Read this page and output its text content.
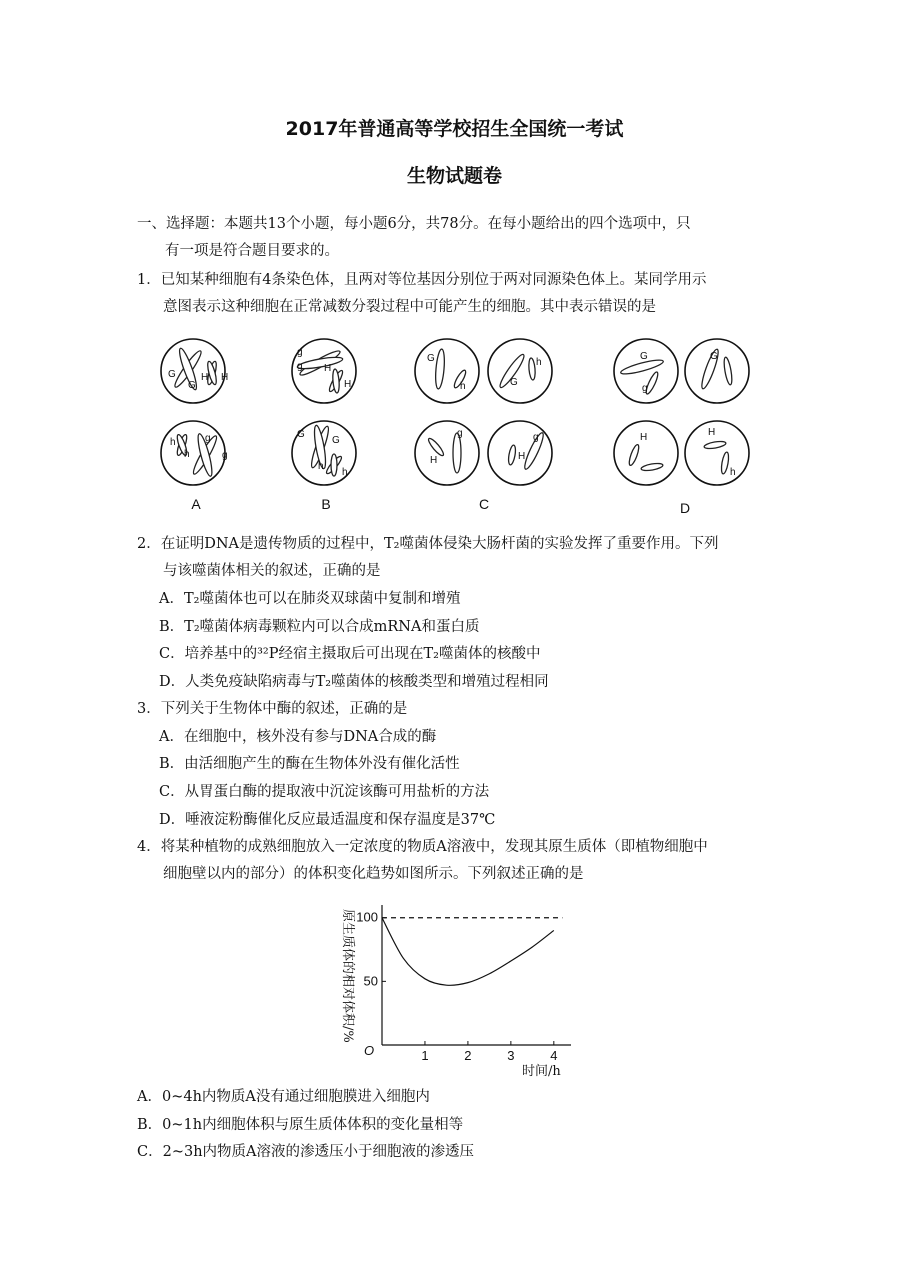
2017年普通高等学校招生全国统一考试
生物试题卷
一、选择题：本题共13个小题，每小题6分，共78分。在每小题给出的四个选项中，只
有一项是符合题目要求的。
1．已知某种细胞有4条染色体，且两对等位基因分别位于两对同源染色体上。某同学用示
意图表示这种细胞在正常减数分裂过程中可能产生的细胞。其中表示错误的是
G
G
H H
h
h
g
g
A
g
g H
H
G
G
h
h
B
G
h	G
h
H
g
H
g
C
G
g
G
H	H
h
D
2．在证明DNA是遗传物质的过程中，T₂噬菌体侵染大肠杆菌的实验发挥了重要作用。下列
与该噬菌体相关的叙述，正确的是
A．T₂噬菌体也可以在肺炎双球菌中复制和增殖
B．T₂噬菌体病毒颗粒内可以合成mRNA和蛋白质
C．培养基中的³²P经宿主摄取后可出现在T₂噬菌体的核酸中
D．人类免疫缺陷病毒与T₂噬菌体的核酸类型和增殖过程相同
3．下列关于生物体中酶的叙述，正确的是
A．在细胞中，核外没有参与DNA合成的酶
B．由活细胞产生的酶在生物体外没有催化活性
C．从胃蛋白酶的提取液中沉淀该酶可用盐析的方法
D．唾液淀粉酶催化反应最适温度和保存温度是37℃
4．将某种植物的成熟细胞放入一定浓度的物质A溶液中，发现其原生质体（即植物细胞中
细胞壁以内的部分）的体积变化趋势如图所示。下列叙述正确的是
原生质体的相对体积/%
O
时间/h
1	2	3	4
50
100
A．0~4h内物质A没有通过细胞膜进入细胞内
B．0~1h内细胞体积与原生质体体积的变化量相等
C．2~3h内物质A溶液的渗透压小于细胞液的渗透压
